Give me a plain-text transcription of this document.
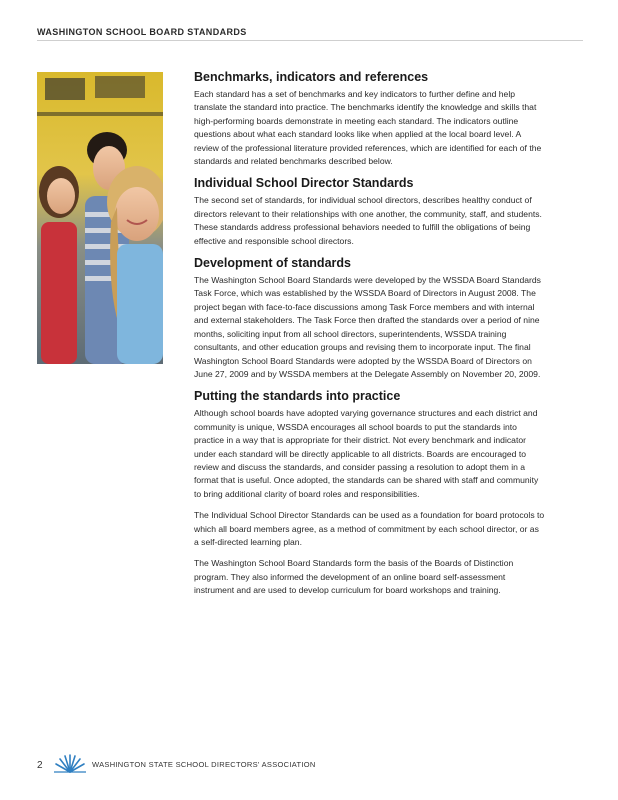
WASHINGTON SCHOOL BOARD STANDARDS
Benchmarks, indicators and references

Each standard has a set of benchmarks and key indicators to further define and help translate the standard into practice. The benchmarks identify the knowledge and skills that high-performing boards demonstrate in meeting each standard. The indicators outline questions about what each standard looks like when applied at the local board level. A review of the professional literature provided references, which are identified for each of the standards and related benchmarks described below.

Individual School Director Standards

The second set of standards, for individual school directors, describes healthy conduct of directors relevant to their relationships with one another, the community, staff, and students. These standards address professional behaviors needed to fulfill the obligations of being effective and responsible school directors.

Development of standards

The Washington School Board Standards were developed by the WSSDA Board Standards Task Force, which was established by the WSSDA Board of Directors in August 2008. The project began with face-to-face discussions among Task Force members and with internal and external stakeholders. The Task Force then drafted the standards over a period of nine months, soliciting input from all school directors, superintendents, WSSDA training consultants, and other education groups and revising them to incorporate input. The final Washington School Board Standards were adopted by the WSSDA Board of Directors on June 27, 2009 and by WSSDA members at the Delegate Assembly on November 20, 2009.

Putting the standards into practice

Although school boards have adopted varying governance structures and each district and community is unique, WSSDA encourages all school boards to put the standards into practice in a way that is appropriate for their district. Not every benchmark and indicator under each standard will be directly applicable to all districts. Boards are encouraged to review and discuss the standards, and consider passing a resolution to adopt them in a format that is useful. Once adopted, the standards can be shared with staff and community to bring additional clarity of board roles and responsibilities.

The Individual School Director Standards can be used as a foundation for board protocols to which all board members agree, as a method of commitment by each school director, or as a self-directed learning plan.

The Washington School Board Standards form the basis of the Boards of Distinction program. They also informed the development of an online board self-assessment instrument and are used to develop curriculum for board workshops and training.

2	WASHINGTON STATE SCHOOL DIRECTORS' ASSOCIATION
